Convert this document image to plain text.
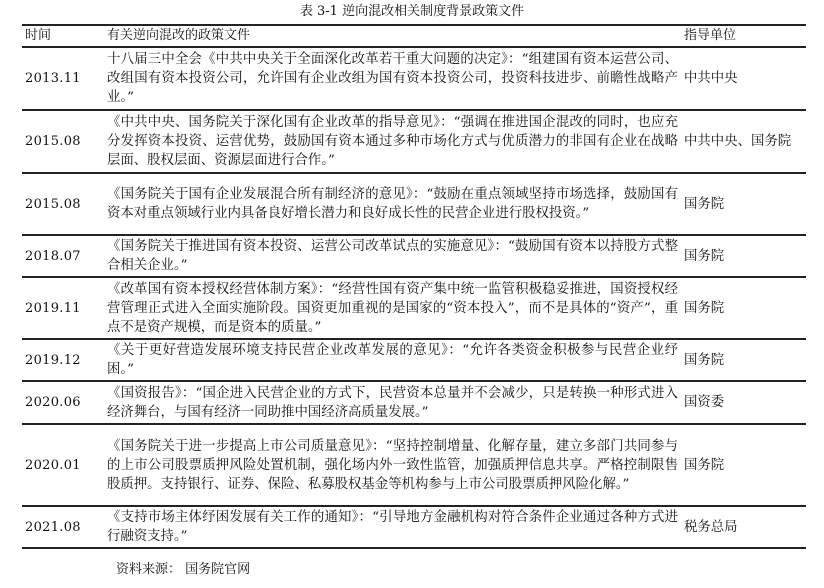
表 3-1 逆向混改相关制度背景政策文件
时间	有关逆向混改的政策文件	指导单位
2013.11	十八届三中全会《中共中央关于全面深化改革若干重大问题的决定》：“组建国有资本运营公司、改组国有资本投资公司，允许国有企业改组为国有资本投资公司，投资科技进步、前瞻性战略产业。”	中共中央
2015.08	《中共中央、国务院关于深化国有企业改革的指导意见》：“强调在推进国企混改的同时，也应充分发挥资本投资、运营优势，鼓励国有资本通过多种市场化方式与优质潜力的非国有企业在战略层面、股权层面、资源层面进行合作。”	中共中央、国务院
2015.08	《国务院关于国有企业发展混合所有制经济的意见》：“鼓励在重点领域坚持市场选择，鼓励国有资本对重点领域行业内具备良好增长潜力和良好成长性的民营企业进行股权投资。”	国务院
2018.07	《国务院关于推进国有资本投资、运营公司改革试点的实施意见》：“鼓励国有资本以持股方式整合相关企业。”	国务院
2019.11	《改革国有资本授权经营体制方案》：“经营性国有资产集中统一监管积极稳妥推进，国资授权经营管理正式进入全面实施阶段。国资更加重视的是国家的“资本投入”，而不是具体的“资产”，重点不是资产规模，而是资本的质量。”	国务院
2019.12	《关于更好营造发展环境支持民营企业改革发展的意见》：“允许各类资金积极参与民营企业纾困。”	国务院
2020.06	《国资报告》：“国企进入民营企业的方式下，民营资本总量并不会减少，只是转换一种形式进入经济舞台，与国有经济一同助推中国经济高质量发展。”	国资委
2020.01	《国务院关于进一步提高上市公司质量意见》：“坚持控制增量、化解存量，建立多部门共同参与的上市公司股票质押风险处置机制，强化场内外一致性监管，加强质押信息共享。严格控制限售股质押。支持银行、证券、保险、私募股权基金等机构参与上市公司股票质押风险化解。”	国务院
2021.08	《支持市场主体纾困发展有关工作的通知》：“引导地方金融机构对符合条件企业通过各种方式进行融资支持。”	税务总局
资料来源： 国务院官网
